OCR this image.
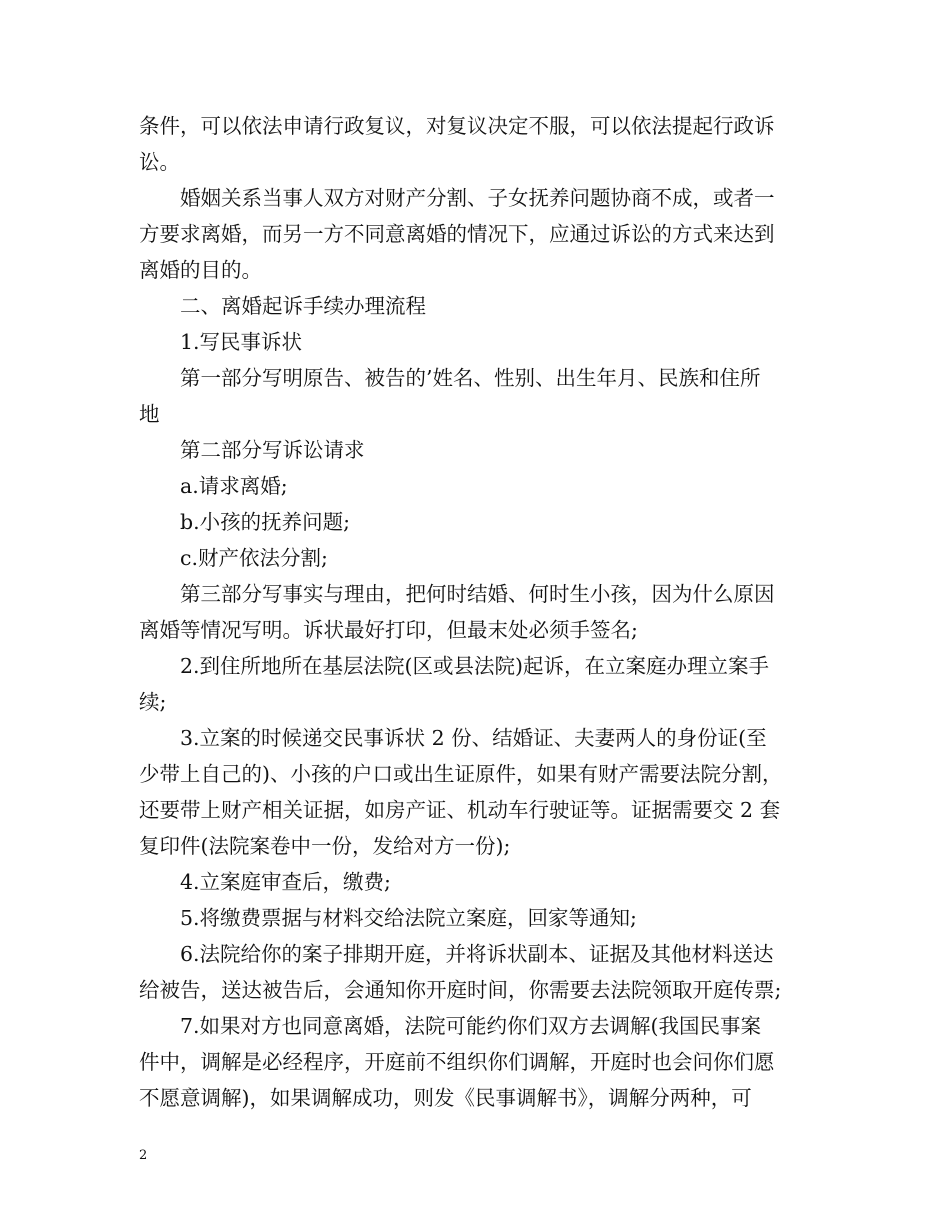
条件，可以依法申请行政复议，对复议决定不服，可以依法提起行政诉
讼。
婚姻关系当事人双方对财产分割、子女抚养问题协商不成，或者一
方要求离婚，而另一方不同意离婚的情况下，应通过诉讼的方式来达到
离婚的目的。
二、离婚起诉手续办理流程
1.写民事诉状
第一部分写明原告、被告的’姓名、性别、出生年月、民族和住所
地
第二部分写诉讼请求
a.请求离婚;
b.小孩的抚养问题;
c.财产依法分割;
第三部分写事实与理由，把何时结婚、何时生小孩，因为什么原因
离婚等情况写明。诉状最好打印，但最末处必须手签名;
2.到住所地所在基层法院(区或县法院)起诉，在立案庭办理立案手
续;
3.立案的时候递交民事诉状 2 份、结婚证、夫妻两人的身份证(至
少带上自己的)、小孩的户口或出生证原件，如果有财产需要法院分割，
还要带上财产相关证据，如房产证、机动车行驶证等。证据需要交 2 套
复印件(法院案卷中一份，发给对方一份);
4.立案庭审查后，缴费;
5.将缴费票据与材料交给法院立案庭，回家等通知;
6.法院给你的案子排期开庭，并将诉状副本、证据及其他材料送达
给被告，送达被告后，会通知你开庭时间，你需要去法院领取开庭传票;
7.如果对方也同意离婚，法院可能约你们双方去调解(我国民事案
件中，调解是必经程序，开庭前不组织你们调解，开庭时也会问你们愿
不愿意调解)，如果调解成功，则发《民事调解书》，调解分两种，可
2
